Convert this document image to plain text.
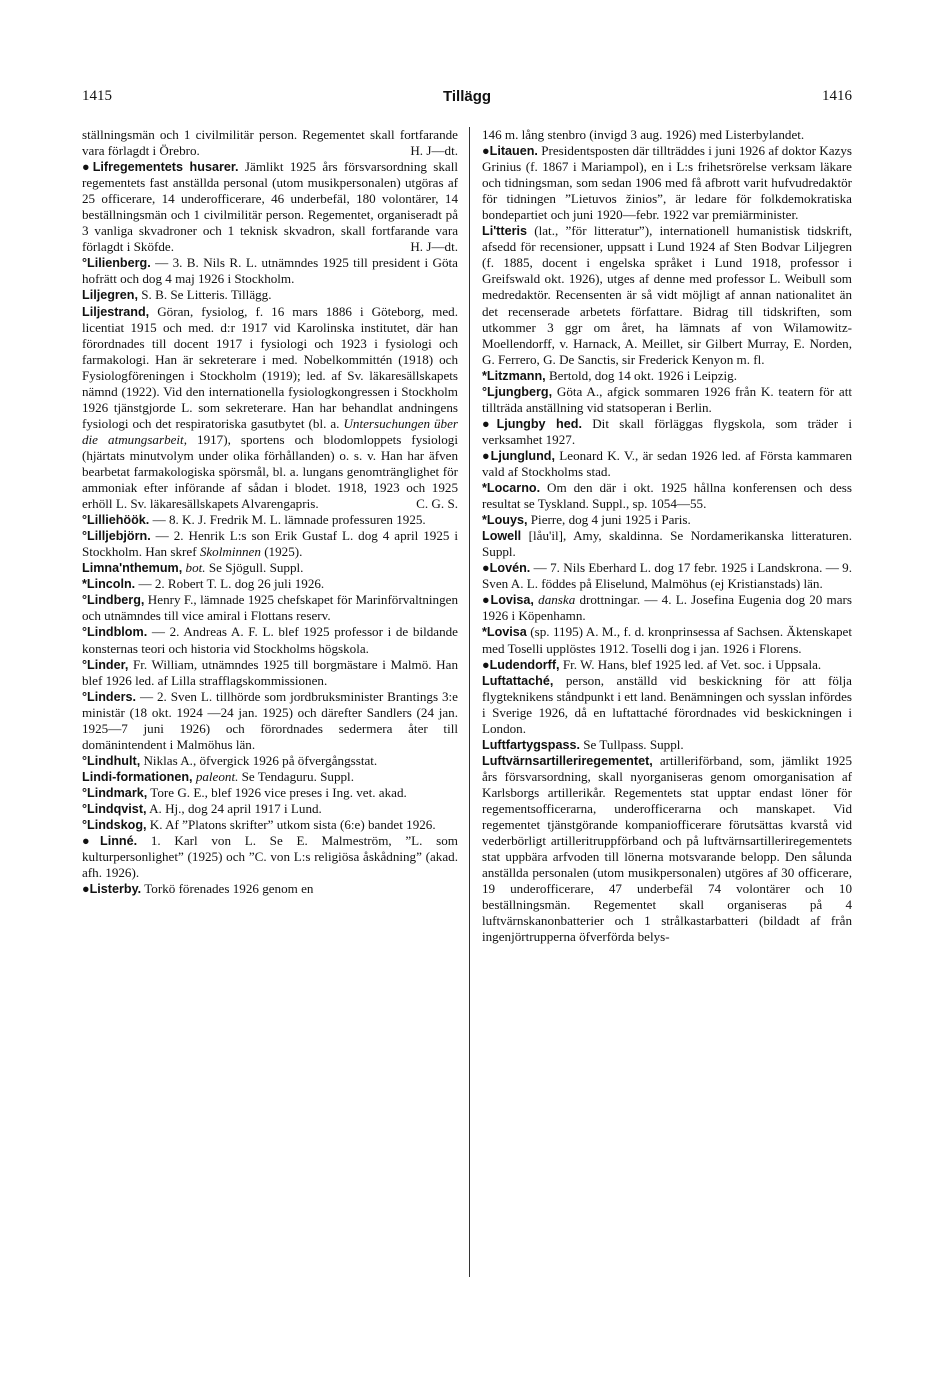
1415	Tillägg	1416

ställningsmän och 1 civilmilitär person. Regementet skall fortfarande vara förlagdt i Örebro.	H. J—dt.

●Lifregementets husarer. Jämlikt 1925 års försvarsordning skall regementets fast anställda personal (utom musikpersonalen) utgöras af 25 officerare, 14 underofficerare, 46 underbefäl, 180 volontärer, 14 beställningsmän och 1 civilmilitär person. Regementet, organiseradt på 3 vanliga skvadroner och 1 teknisk skvadron, skall fortfarande vara förlagdt i Sköfde.	H. J—dt.

°Lilienberg. — 3. B. Nils R. L. utnämndes 1925 till president i Göta hofrätt och dog 4 maj 1926 i Stockholm.

Liljegren, S. B. Se Litteris. Tillägg.

Liljestrand, Göran, fysiolog, f. 16 mars 1886 i Göteborg, med. licentiat 1915 och med. d:r 1917 vid Karolinska institutet, där han förordnades till docent 1917 i fysiologi och 1923 i fysiologi och farmakologi. Han är sekreterare i med. Nobelkommittén (1918) och Fysiologföreningen i Stockholm (1919); led. af Sv. läkaresällskapets nämnd (1922). Vid den internationella fysiologkongressen i Stockholm 1926 tjänstgjorde L. som sekreterare. Han har behandlat andningens fysiologi och det respiratoriska gasutbytet (bl. a. Untersuchungen über die atmungsarbeit, 1917), sportens och blodomloppets fysiologi (hjärtats minutvolym under olika förhållanden) o. s. v. Han har äfven bearbetat farmakologiska spörsmål, bl. a. lungans genomtränglighet för ammoniak efter införande af sådan i blodet. 1918, 1923 och 1925 erhöll L. Sv. läkaresällskapets Alvarengapris.	C. G. S.

°Lilliehöök. — 8. K. J. Fredrik M. L. lämnade professuren 1925.

°Lilljebjörn. — 2. Henrik L:s son Erik Gustaf L. dog 4 april 1925 i Stockholm. Han skref Skolminnen (1925).

Limna'nthemum, bot. Se Sjögull. Suppl.

*Lincoln. — 2. Robert T. L. dog 26 juli 1926.

°Lindberg, Henry F., lämnade 1925 chefskapet för Marinförvaltningen och utnämndes till vice amiral i Flottans reserv.

°Lindblom. — 2. Andreas A. F. L. blef 1925 professor i de bildande konsternas teori och historia vid Stockholms högskola.

°Linder, Fr. William, utnämndes 1925 till borgmästare i Malmö. Han blef 1926 led. af Lilla strafflagskommissionen.

°Linders. — 2. Sven L. tillhörde som jordbruksminister Brantings 3:e ministär (18 okt. 1924 —24 jan. 1925) och därefter Sandlers (24 jan. 1925—7 juni 1926) och förordnades sedermera åter till domänintendent i Malmöhus län.

°Lindhult, Niklas A., öfvergick 1926 på öfvergångsstat.

Lindi-formationen, paleont. Se Tendaguru. Suppl.

°Lindmark, Tore G. E., blef 1926 vice preses i Ing. vet. akad.

°Lindqvist, A. Hj., dog 24 april 1917 i Lund.

°Lindskog, K. Af ”Platons skrifter” utkom sista (6:e) bandet 1926.

●Linné. 1. Karl von L. Se E. Malmeström, ”L. som kulturpersonlighet” (1925) och ”C. von L:s religiösa åskådning” (akad. afh. 1926).

●Listerby. Torkö förenades 1926 genom en

146 m. lång stenbro (invigd 3 aug. 1926) med Listerbylandet.

●Litauen. Presidentsposten där tillträddes i juni 1926 af doktor Kazys Grinius (f. 1867 i Mariampol), en i L:s frihetsrörelse verksam läkare och tidningsman, som sedan 1906 med få afbrott varit hufvudredaktör för tidningen ”Lietuvos žinios”, är ledare för folkdemokratiska bondepartiet och juni 1920—febr. 1922 var premiärminister.

Li'tteris (lat., ”för litteratur”), internationell humanistisk tidskrift, afsedd för recensioner, uppsatt i Lund 1924 af Sten Bodvar Liljegren (f. 1885, docent i engelska språket i Lund 1918, professor i Greifswald okt. 1926), utges af denne med professor L. Weibull som medredaktör. Recensenten är så vidt möjligt af annan nationalitet än det recenserade arbetets författare. Bidrag till tidskriften, som utkommer 3 ggr om året, ha lämnats af von Wilamowitz-Moellendorff, v. Harnack, A. Meillet, sir Gilbert Murray, E. Norden, G. Ferrero, G. De Sanctis, sir Frederick Kenyon m. fl.

*Litzmann, Bertold, dog 14 okt. 1926 i Leipzig.

°Ljungberg, Göta A., afgick sommaren 1926 från K. teatern för att tillträda anställning vid statsoperan i Berlin.

●Ljungby hed. Dit skall förläggas flygskola, som träder i verksamhet 1927.

●Ljunglund, Leonard K. V., är sedan 1926 led. af Första kammaren vald af Stockholms stad.

*Locarno. Om den där i okt. 1925 hållna konferensen och dess resultat se Tyskland. Suppl., sp. 1054—55.

*Louys, Pierre, dog 4 juni 1925 i Paris.

Lowell [låu'il], Amy, skaldinna. Se Nordamerikanska litteraturen. Suppl.

●Lovén. — 7. Nils Eberhard L. dog 17 febr. 1925 i Landskrona. — 9. Sven A. L. föddes på Eliselund, Malmöhus (ej Kristianstads) län.

●Lovisa, danska drottningar. — 4. L. Josefina Eugenia dog 20 mars 1926 i Köpenhamn.

*Lovisa (sp. 1195) A. M., f. d. kronprinsessa af Sachsen. Äktenskapet med Toselli upplöstes 1912. Toselli dog i jan. 1926 i Florens.

●Ludendorff, Fr. W. Hans, blef 1925 led. af Vet. soc. i Uppsala.

Luftattaché, person, anställd vid beskickning för att följa flygteknikens ståndpunkt i ett land. Benämningen och sysslan infördes i Sverige 1926, då en luftattaché förordnades vid beskickningen i London.

Luftfartygspass. Se Tullpass. Suppl.

Luftvärnsartilleriregementet, artilleriförband, som, jämlikt 1925 års försvarsordning, skall nyorganiseras genom omorganisation af Karlsborgs artillerikår. Regementets stat upptar endast löner för regementsofficerarna, underofficerarna och manskapet. Vid regementet tjänstgörande kompaniofficerare förutsättas kvarstå vid vederbörligt artilleritruppförband och på luftvärnsartilleriregementets stat uppbära arfvoden till lönerna motsvarande belopp. Den sålunda anställda personalen (utom musikpersonalen) utgöres af 30 officerare, 19 underofficerare, 47 underbefäl 74 volontärer och 10 beställningsmän. Regementet skall organiseras på 4 luftvärnskanonbatterier och 1 strålkastarbatteri (bildadt af från ingenjörtrupperna öfverförda belys-
